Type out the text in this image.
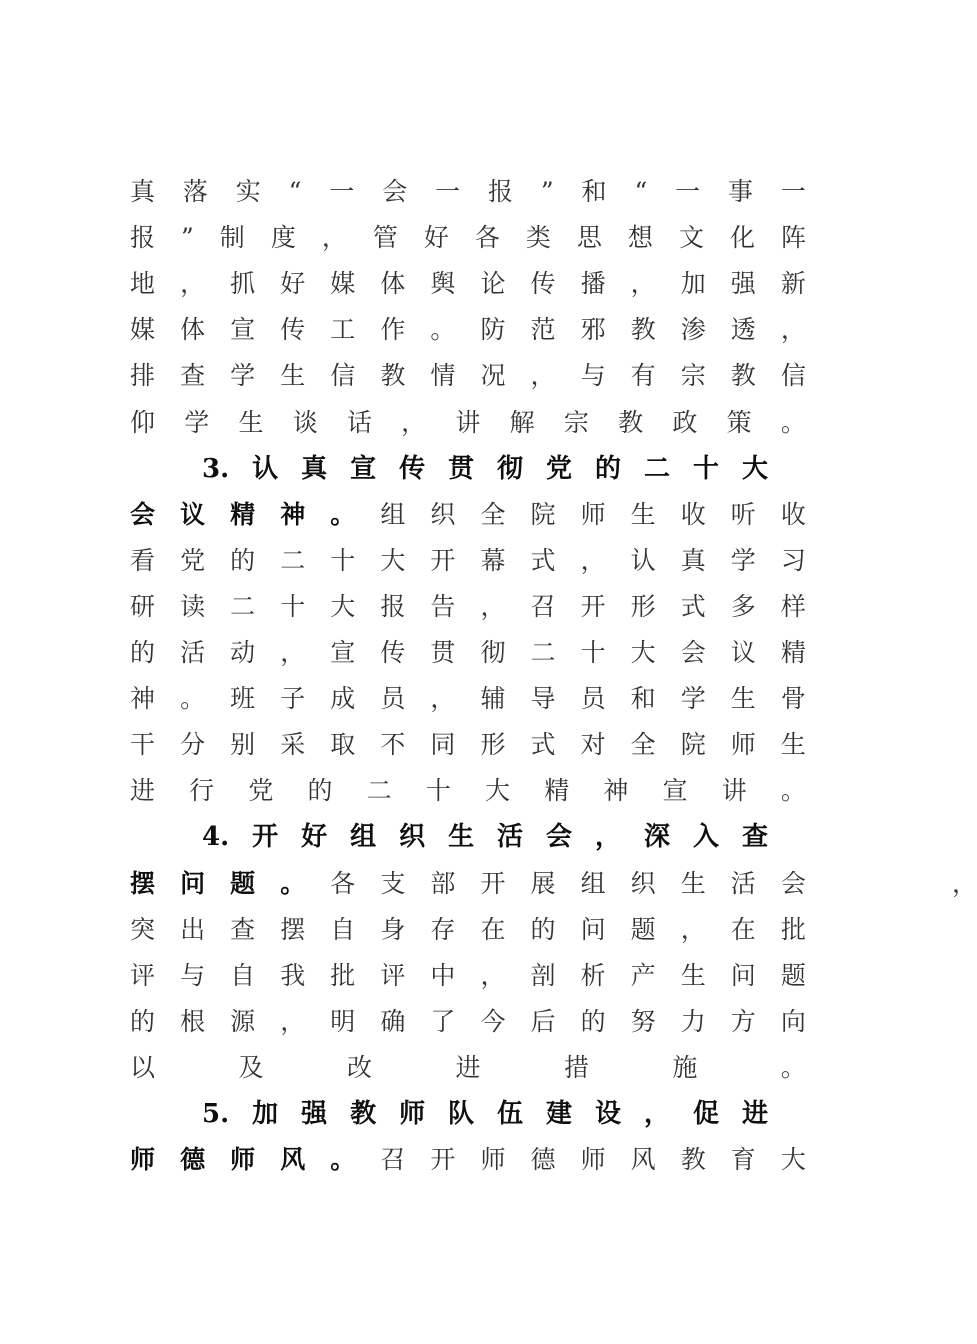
真 落 实 “ 一 会 一 报 ” 和 “ 一 事 一
报 ” 制 度 ， 管 好 各 类 思 想 文 化 阵
地 ， 抓 好 媒 体 舆 论 传 播 ， 加 强 新
媒 体 宣 传 工 作 。 防 范 邪 教 渗 透 ，
排 查 学 生 信 教 情 况 ， 与 有 宗 教 信
仰 学 生 谈 话 ， 讲 解 宗 教 政 策 。
3. 认 真 宣 传 贯 彻 党 的 二 十 大
会 议 精 神 。 组 织 全 院 师 生 收 听 收
看 党 的 二 十 大 开 幕 式 ， 认 真 学 习
研 读 二 十 大 报 告 ， 召 开 形 式 多 样
的 活 动 ， 宣 传 贯 彻 二 十 大 会 议 精
神 。 班 子 成 员 ， 辅 导 员 和 学 生 骨
干 分 别 采 取 不 同 形 式 对 全 院 师 生
进 行 党 的 二 十 大 精 神 宣 讲 。
4. 开 好 组 织 生 活 会 ， 深 入 查
摆 问 题 。 各 支 部 开 展 组 织 生 活 会	，
突 出 查 摆 自 身 存 在 的 问 题 ， 在 批
评 与 自 我 批 评 中 ， 剖 析 产 生 问 题
的 根 源 ， 明 确 了 今 后 的 努 力 方 向
以	及	改	进	措	施	。
5. 加 强 教 师 队 伍 建 设 ， 促 进
师 德 师 风 。 召 开 师 德 师 风 教 育 大
